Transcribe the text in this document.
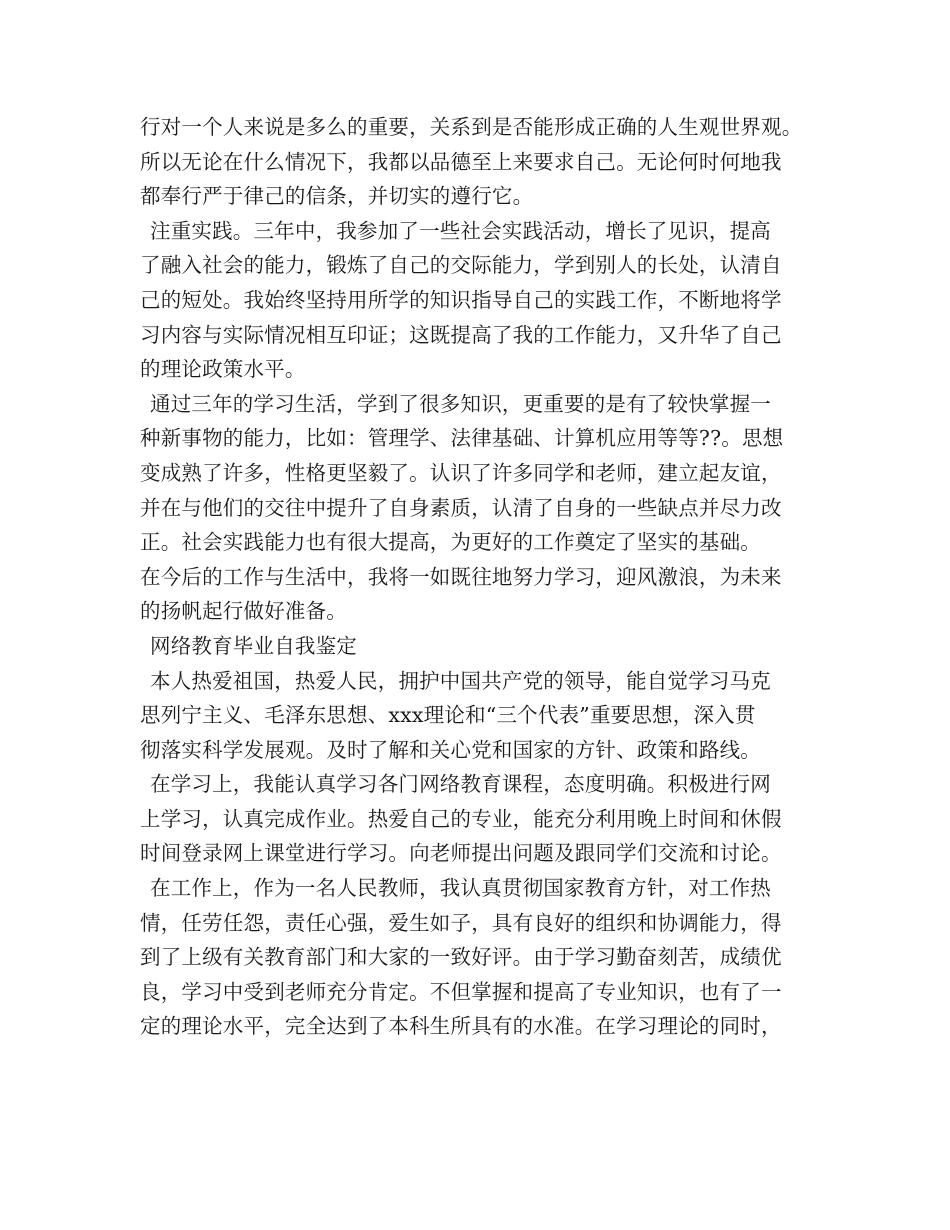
行对一个人来说是多么的重要，关系到是否能形成正确的人生观世界观。
所以无论在什么情况下，我都以品德至上来要求自己。无论何时何地我
都奉行严于律己的信条，并切实的遵行它。
注重实践。三年中，我参加了一些社会实践活动，增长了见识，提高
了融入社会的能力，锻炼了自己的交际能力，学到别人的长处，认清自
己的短处。我始终坚持用所学的知识指导自己的实践工作，不断地将学
习内容与实际情况相互印证；这既提高了我的工作能力，又升华了自己
的理论政策水平。
通过三年的学习生活，学到了很多知识，更重要的是有了较快掌握一
种新事物的能力，比如：管理学、法律基础、计算机应用等等??。思想
变成熟了许多，性格更坚毅了。认识了许多同学和老师，建立起友谊，
并在与他们的交往中提升了自身素质，认清了自身的一些缺点并尽力改
正。社会实践能力也有很大提高，为更好的工作奠定了坚实的基础。
在今后的工作与生活中，我将一如既往地努力学习，迎风激浪，为未来
的扬帆起行做好准备。
网络教育毕业自我鉴定
本人热爱祖国，热爱人民，拥护中国共产党的领导，能自觉学习马克
思列宁主义、毛泽东思想、xxx理论和“三个代表”重要思想，深入贯
彻落实科学发展观。及时了解和关心党和国家的方针、政策和路线。
在学习上，我能认真学习各门网络教育课程，态度明确。积极进行网
上学习，认真完成作业。热爱自己的专业，能充分利用晚上时间和休假
时间登录网上课堂进行学习。向老师提出问题及跟同学们交流和讨论。
在工作上，作为一名人民教师，我认真贯彻国家教育方针，对工作热
情，任劳任怨，责任心强，爱生如子，具有良好的组织和协调能力，得
到了上级有关教育部门和大家的一致好评。由于学习勤奋刻苦，成绩优
良，学习中受到老师充分肯定。不但掌握和提高了专业知识，也有了一
定的理论水平，完全达到了本科生所具有的水准。在学习理论的同时，
